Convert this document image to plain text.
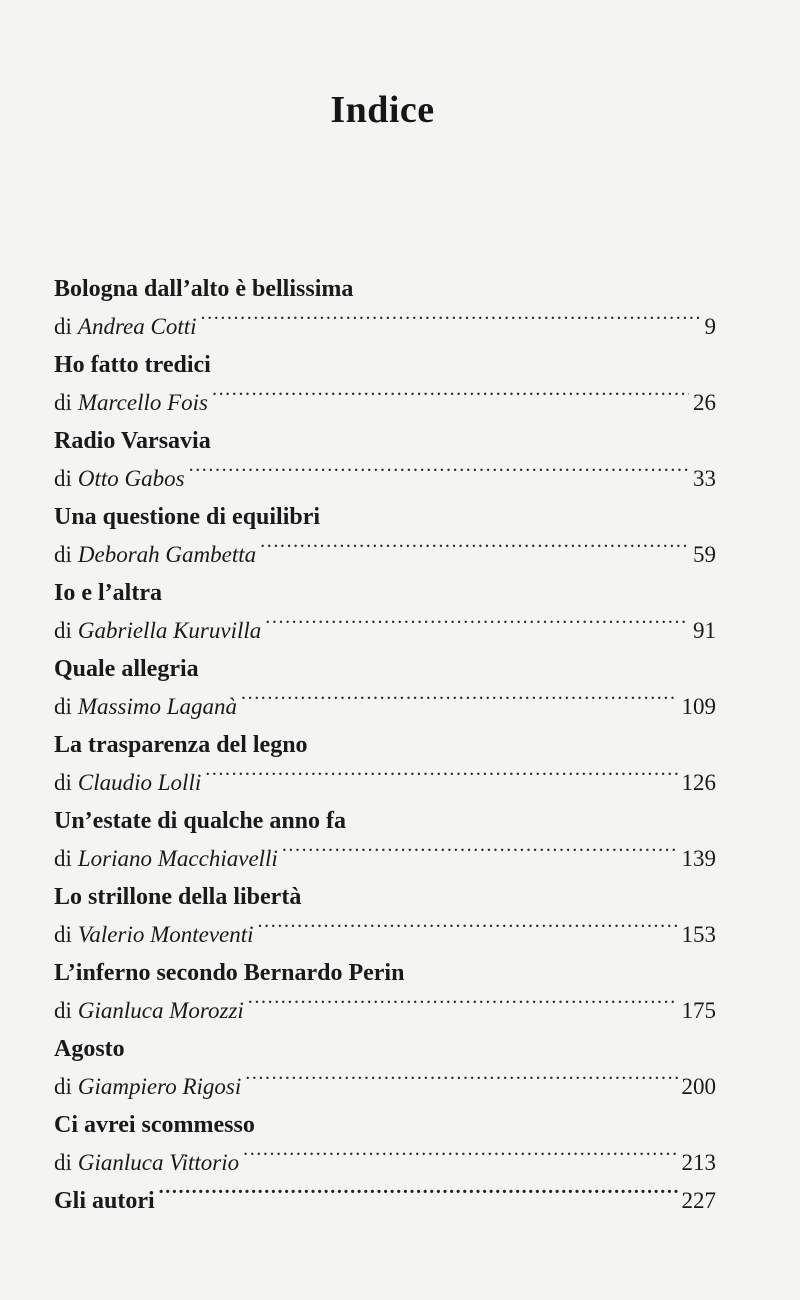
Indice
Bologna dall’alto è bellissima
di Andrea Cotti .....	9
Ho fatto tredici
di Marcello Fois .....	26
Radio Varsavia
di Otto Gabos .....	33
Una questione di equilibri
di Deborah Gambetta .....	59
Io e l’altra
di Gabriella Kuruvilla .....	91
Quale allegria
di Massimo Laganà .....	109
La trasparenza del legno
di Claudio Lolli .....	126
Un’estate di qualche anno fa
di Loriano Macchiavelli .....	139
Lo strillone della libertà
di Valerio Monteventi .....	153
L’inferno secondo Bernardo Perin
di Gianluca Morozzi .....	175
Agosto
di Giampiero Rigosi .....	200
Ci avrei scommesso
di Gianluca Vittorio .....	213
Gli autori .....	227
